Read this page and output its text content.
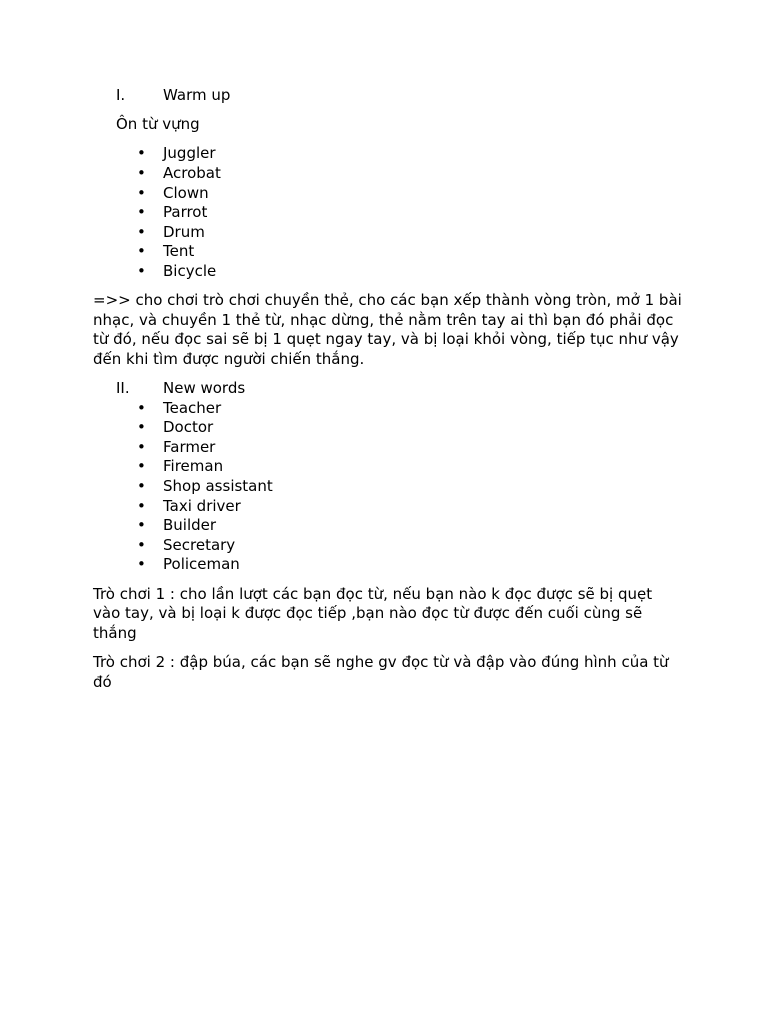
I.	Warm up

Ôn từ vựng

•	Juggler
•	Acrobat
•	Clown
•	Parrot
•	Drum
•	Tent
•	Bicycle

=>> cho chơi trò chơi chuyền thẻ, cho các bạn xếp thành vòng tròn, mở 1 bài nhạc, và chuyền 1 thẻ từ, nhạc dừng, thẻ nằm trên tay ai thì bạn đó phải đọc từ đó, nếu đọc sai sẽ bị 1 quẹt ngay tay, và bị loại khỏi vòng, tiếp tục như vậy đến khi tìm được người chiến thắng.

II.	New words
•	Teacher
•	Doctor
•	Farmer
•	Fireman
•	Shop assistant
•	Taxi driver
•	Builder
•	Secretary
•	Policeman

Trò chơi 1 : cho lần lượt các bạn đọc từ, nếu bạn nào k đọc được sẽ bị quẹt vào tay, và bị loại k được đọc tiếp ,bạn nào đọc từ được đến cuối cùng sẽ thắng

Trò chơi 2 : đập búa, các bạn sẽ nghe gv đọc từ và đập vào đúng hình của từ đó
